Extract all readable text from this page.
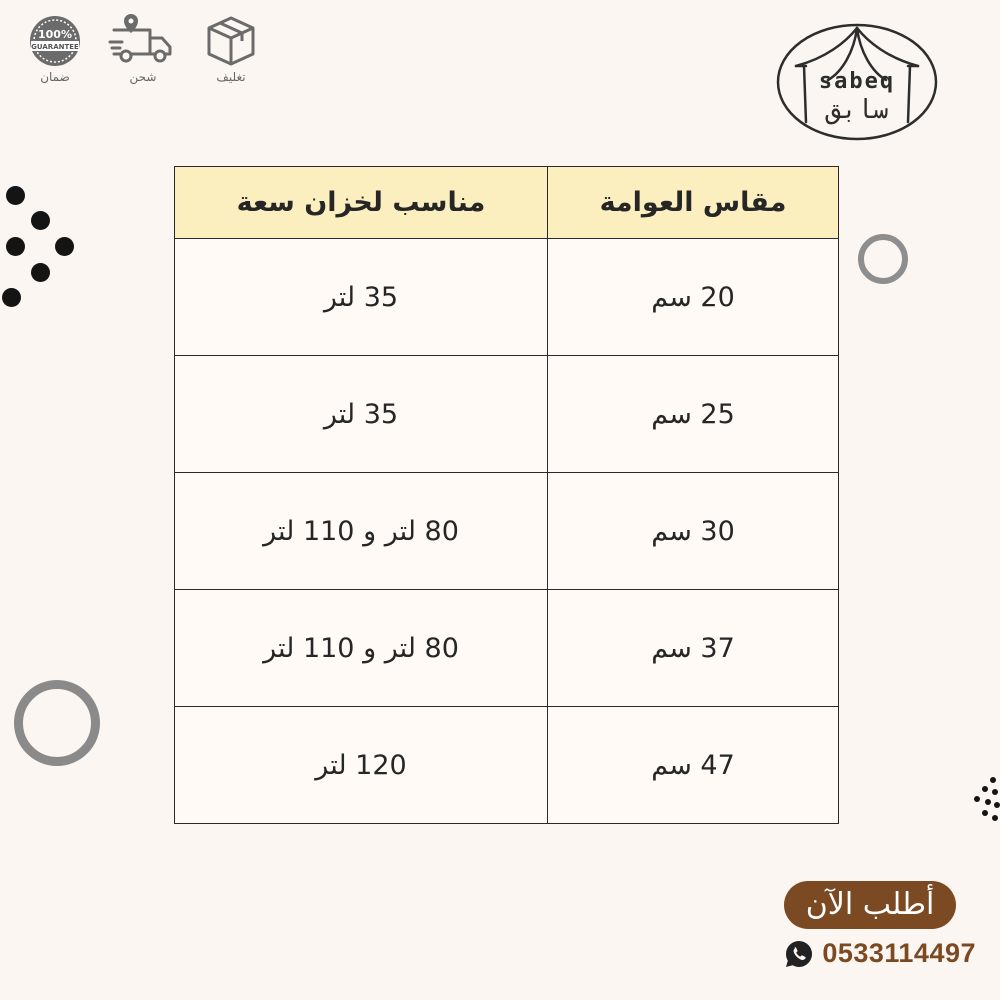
100%
GUARANTEE
ضمان	شحن	تغليف	sabeq
سابق
مناسب لخزان سعة	مقاس العوامة
35 لتر	20 سم
35 لتر	25 سم
80 لتر و 110 لتر	30 سم
80 لتر و 110 لتر	37 سم
120 لتر	47 سم
أطلب الآن
0533114497
